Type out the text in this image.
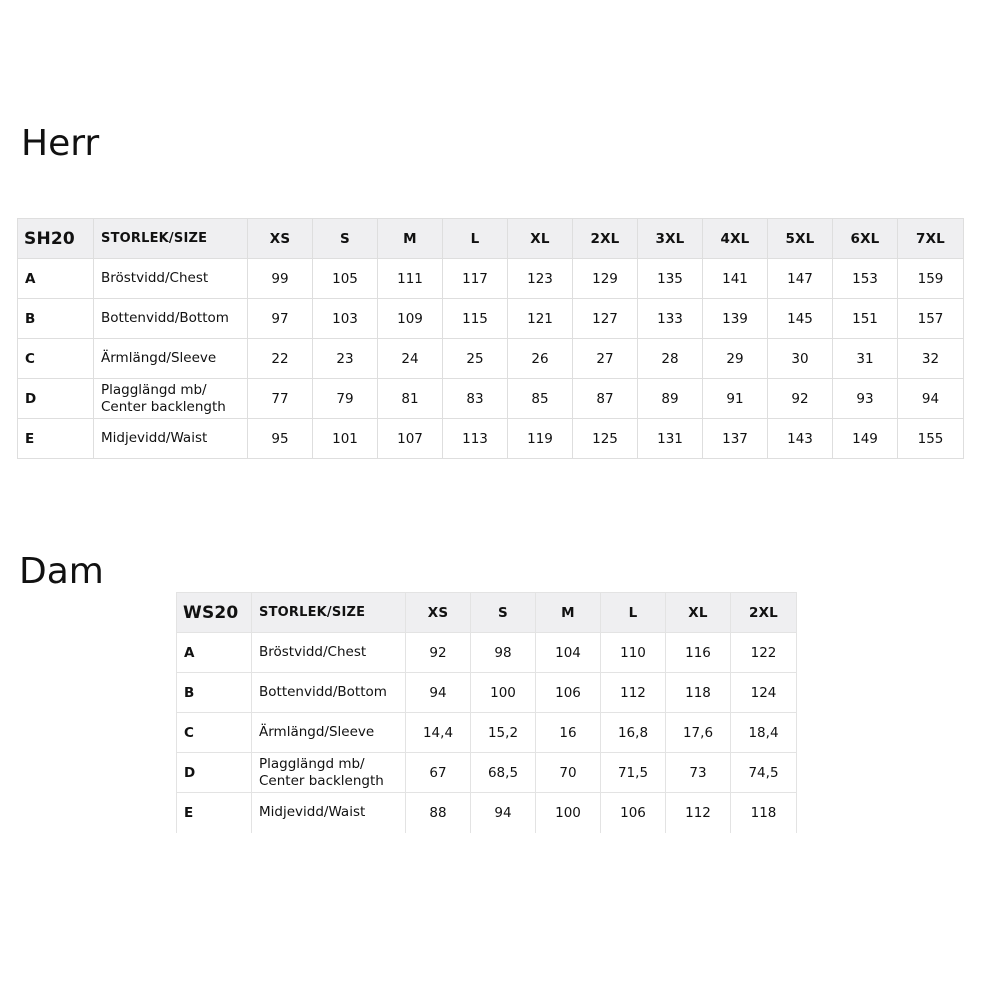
Herr
SH20	STORLEK/SIZE	XS	S	M	L	XL	2XL	3XL	4XL	5XL	6XL	7XL
A	Bröstvidd/Chest	99	105	111	117	123	129	135	141	147	153	159
B	Bottenvidd/Bottom	97	103	109	115	121	127	133	139	145	151	157
C	Ärmlängd/Sleeve	22	23	24	25	26	27	28	29	30	31	32
D	Plagglängd mb/
Center backlength	77	79	81	83	85	87	89	91	92	93	94
E	Midjevidd/Waist	95	101	107	113	119	125	131	137	143	149	155
Dam
WS20	STORLEK/SIZE	XS	S	M	L	XL	2XL
A	Bröstvidd/Chest	92	98	104	110	116	122
B	Bottenvidd/Bottom	94	100	106	112	118	124
C	Ärmlängd/Sleeve	14,4	15,2	16	16,8	17,6	18,4
D	Plagglängd mb/
Center backlength	67	68,5	70	71,5	73	74,5
E	Midjevidd/Waist	88	94	100	106	112	118
